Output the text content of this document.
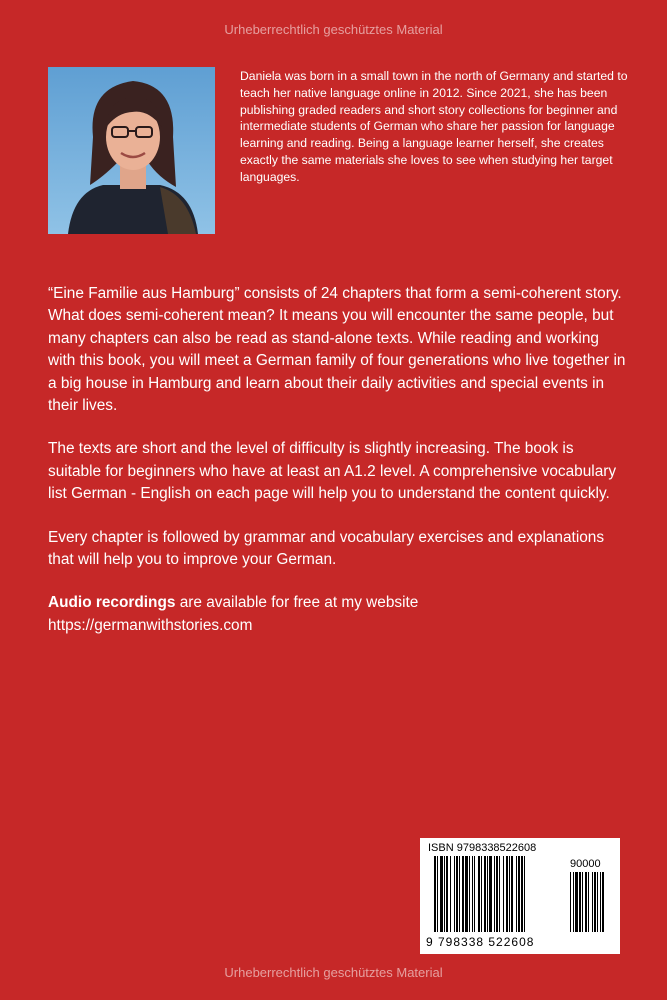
Urheberrechtlich geschütztes Material

Daniela was born in a small town in the north of Germany and started to teach her native language online in 2012. Since 2021, she has been publishing graded readers and short story collections for beginner and intermediate students of German who share her passion for language learning and reading. Being a language learner herself, she creates exactly the same materials she loves to see when studying her target languages.

“Eine Familie aus Hamburg” consists of 24 chapters that form a semi-coherent story. What does semi-coherent mean? It means you will encounter the same people, but many chapters can also be read as stand-alone texts. While reading and working with this book, you will meet a German family of four generations who live together in a big house in Hamburg and learn about their daily activities and special events in their lives.

The texts are short and the level of difficulty is slightly increasing. The book is suitable for beginners who have at least an A1.2 level. A comprehensive vocabulary list German - English on each page will help you to understand the content quickly.

Every chapter is followed by grammar and vocabulary exercises and explanations that will help you to improve your German.

Audio recordings are available for free at my website
https://germanwithstories.com

ISBN 9798338522608
90000
9 798338 522608
Urheberrechtlich geschütztes Material
